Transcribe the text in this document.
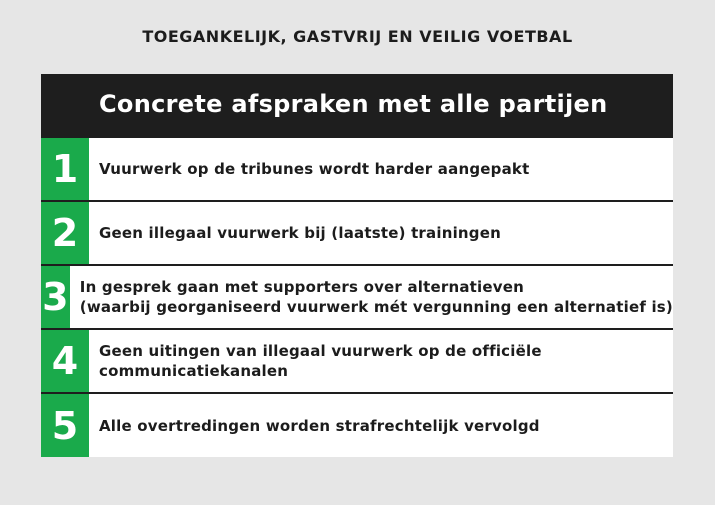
TOEGANKELIJK, GASTVRIJ EN VEILIG VOETBAL
Concrete afspraken met alle partijen
1	Vuurwerk op de tribunes wordt harder aangepakt
2	Geen illegaal vuurwerk bij (laatste) trainingen
3 In gesprek gaan met supporters over alternatieven
(waarbij georganiseerd vuurwerk mét vergunning een alternatief is)
4	Geen uitingen van illegaal vuurwerk op de officiële
communicatiekanalen
5	Alle overtredingen worden strafrechtelijk vervolgd
